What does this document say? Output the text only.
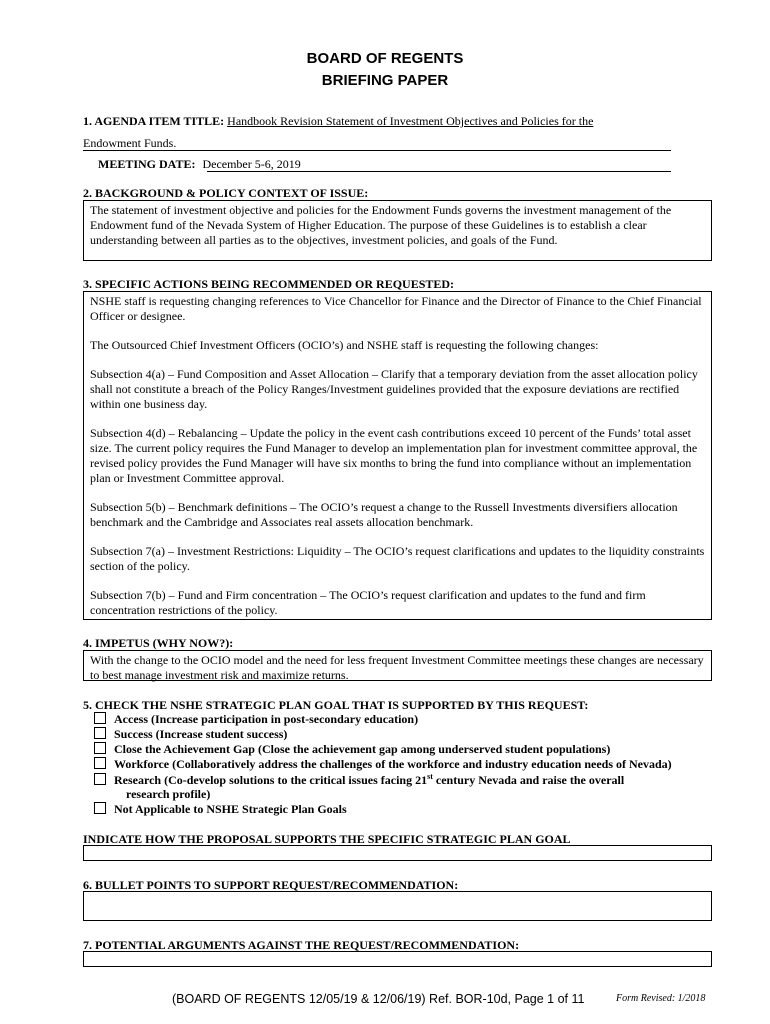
BOARD OF REGENTS
BRIEFING PAPER
1. AGENDA ITEM TITLE: Handbook Revision Statement of Investment Objectives and Policies for the
Endowment Funds.
MEETING DATE: December 5-6, 2019
2. BACKGROUND & POLICY CONTEXT OF ISSUE:

The statement of investment objective and policies for the Endowment Funds governs the investment management of the Endowment fund of the Nevada System of Higher Education. The purpose of these Guidelines is to establish a clear understanding between all parties as to the objectives, investment policies, and goals of the Fund.

3. SPECIFIC ACTIONS BEING RECOMMENDED OR REQUESTED:

NSHE staff is requesting changing references to Vice Chancellor for Finance and the Director of Finance to the Chief Financial Officer or designee.

The Outsourced Chief Investment Officers (OCIO’s) and NSHE staff is requesting the following changes:

Subsection 4(a) – Fund Composition and Asset Allocation – Clarify that a temporary deviation from the asset allocation policy shall not constitute a breach of the Policy Ranges/Investment guidelines provided that the exposure deviations are rectified within one business day.

Subsection 4(d) – Rebalancing – Update the policy in the event cash contributions exceed 10 percent of the Funds’ total asset size. The current policy requires the Fund Manager to develop an implementation plan for investment committee approval, the revised policy provides the Fund Manager will have six months to bring the fund into compliance without an implementation plan or Investment Committee approval.

Subsection 5(b) – Benchmark definitions – The OCIO’s request a change to the Russell Investments diversifiers allocation benchmark and the Cambridge and Associates real assets allocation benchmark.

Subsection 7(a) – Investment Restrictions: Liquidity – The OCIO’s request clarifications and updates to the liquidity constraints section of the policy.

Subsection 7(b) – Fund and Firm concentration – The OCIO’s request clarification and updates to the fund and firm concentration restrictions of the policy.

4. IMPETUS (WHY NOW?):

With the change to the OCIO model and the need for less frequent Investment Committee meetings these changes are necessary to best manage investment risk and maximize returns.

5. CHECK THE NSHE STRATEGIC PLAN GOAL THAT IS SUPPORTED BY THIS REQUEST:
Access (Increase participation in post-secondary education)
Success (Increase student success)
Close the Achievement Gap (Close the achievement gap among underserved student populations)
Workforce (Collaboratively address the challenges of the workforce and industry education needs of Nevada)
Research (Co-develop solutions to the critical issues facing 21st century Nevada and raise the overall
research profile)
Not Applicable to NSHE Strategic Plan Goals
INDICATE HOW THE PROPOSAL SUPPORTS THE SPECIFIC STRATEGIC PLAN GOAL
6. BULLET POINTS TO SUPPORT REQUEST/RECOMMENDATION:
7. POTENTIAL ARGUMENTS AGAINST THE REQUEST/RECOMMENDATION:
(BOARD OF REGENTS 12/05/19 & 12/06/19) Ref. BOR-10d, Page 1 of 11	Form Revised: 1/2018
